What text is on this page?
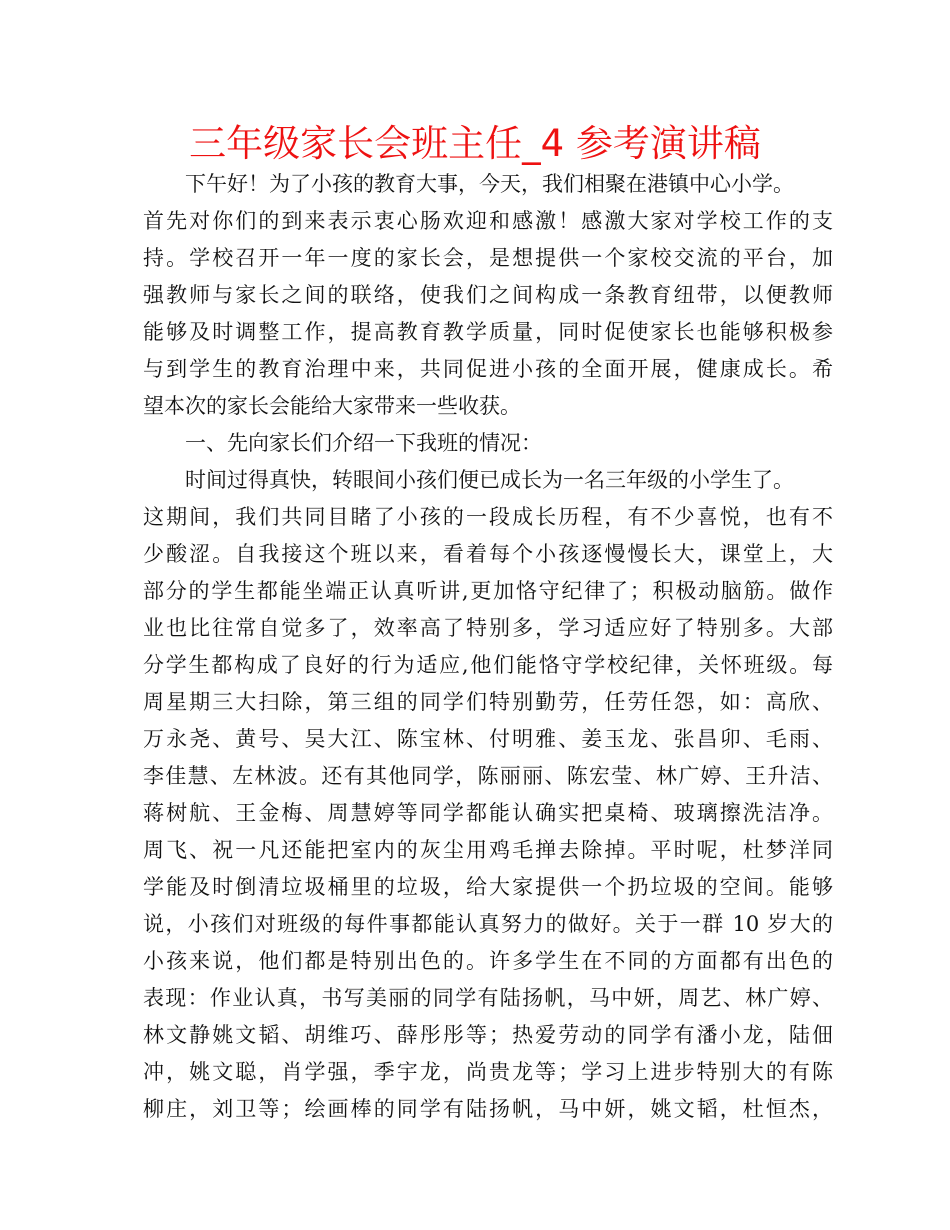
三年级家长会班主任_4 参考演讲稿
下午好！为了小孩的教育大事，今天，我们相聚在港镇中心小学。
首先对你们的到来表示衷心肠欢迎和感激！感激大家对学校工作的支
持。学校召开一年一度的家长会，是想提供一个家校交流的平台，加
强教师与家长之间的联络，使我们之间构成一条教育纽带，以便教师
能够及时调整工作，提高教育教学质量，同时促使家长也能够积极参
与到学生的教育治理中来，共同促进小孩的全面开展，健康成长。希
望本次的家长会能给大家带来一些收获。
一、先向家长们介绍一下我班的情况：
时间过得真快，转眼间小孩们便已成长为一名三年级的小学生了。
这期间，我们共同目睹了小孩的一段成长历程，有不少喜悦，也有不
少酸涩。自我接这个班以来，看着每个小孩逐慢慢长大，课堂上，大
部分的学生都能坐端正认真听讲,更加恪守纪律了；积极动脑筋。做作
业也比往常自觉多了，效率高了特别多，学习适应好了特别多。大部
分学生都构成了良好的行为适应,他们能恪守学校纪律，关怀班级。每
周星期三大扫除，第三组的同学们特别勤劳，任劳任怨，如：高欣、
万永尧、黄号、吴大江、陈宝林、付明雅、姜玉龙、张昌卯、毛雨、
李佳慧、左林波。还有其他同学，陈丽丽、陈宏莹、林广婷、王升洁、
蒋树航、王金梅、周慧婷等同学都能认确实把桌椅、玻璃擦洗洁净。
周飞、祝一凡还能把室内的灰尘用鸡毛掸去除掉。平时呢，杜梦洋同
学能及时倒清垃圾桶里的垃圾，给大家提供一个扔垃圾的空间。能够
说，小孩们对班级的每件事都能认真努力的做好。关于一群 10 岁大的
小孩来说，他们都是特别出色的。许多学生在不同的方面都有出色的
表现：作业认真，书写美丽的同学有陆扬帆，马中妍，周艺、林广婷、
林文静姚文韬、胡维巧、薛彤彤等；热爱劳动的同学有潘小龙，陆佃
冲，姚文聪，肖学强，季宇龙，尚贵龙等；学习上进步特别大的有陈
柳庄，刘卫等；绘画棒的同学有陆扬帆，马中妍，姚文韬，杜恒杰，
